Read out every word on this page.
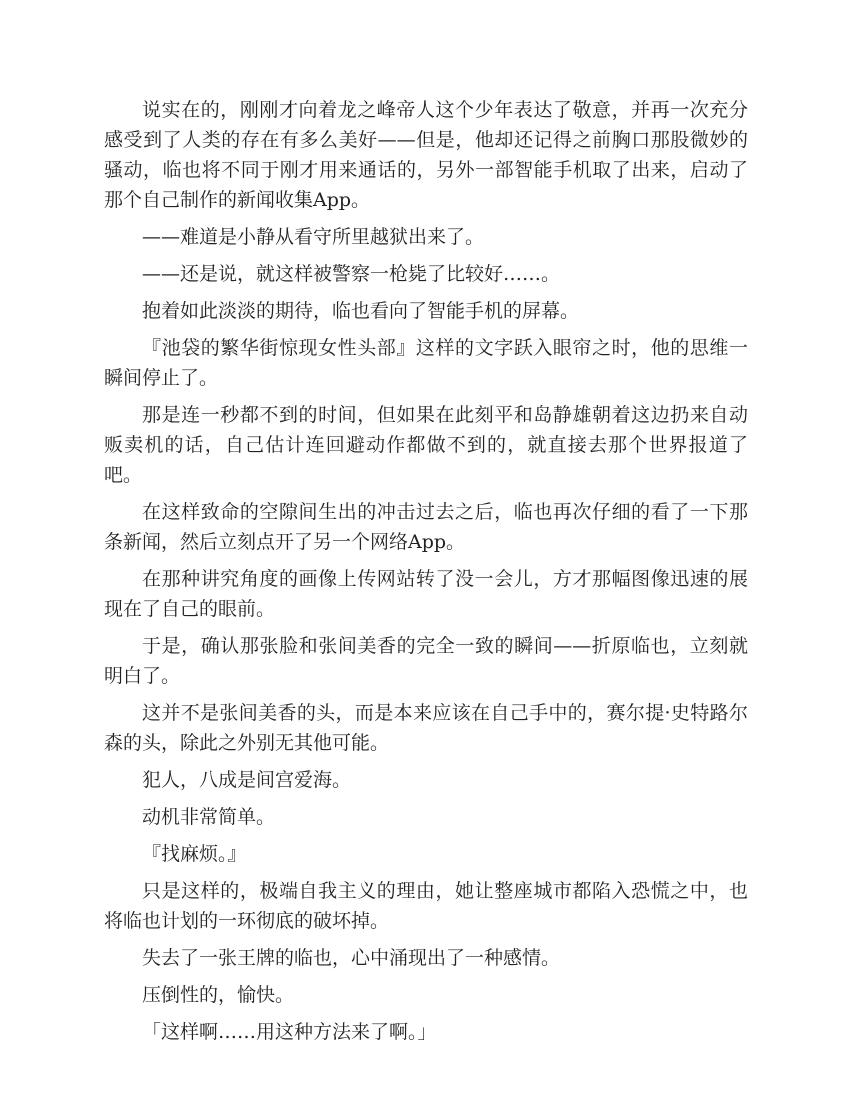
说实在的，刚刚才向着龙之峰帝人这个少年表达了敬意，并再一次充分感受到了人类的存在有多么美好——但是，他却还记得之前胸口那股微妙的骚动，临也将不同于刚才用来通话的，另外一部智能手机取了出来，启动了那个自己制作的新闻收集App。

——难道是小静从看守所里越狱出来了。

——还是说，就这样被警察一枪毙了比较好……。

抱着如此淡淡的期待，临也看向了智能手机的屏幕。

『池袋的繁华街惊现女性头部』这样的文字跃入眼帘之时，他的思维一瞬间停止了。

那是连一秒都不到的时间，但如果在此刻平和岛静雄朝着这边扔来自动贩卖机的话，自己估计连回避动作都做不到的，就直接去那个世界报道了吧。

在这样致命的空隙间生出的冲击过去之后，临也再次仔细的看了一下那条新闻，然后立刻点开了另一个网络App。

在那种讲究角度的画像上传网站转了没一会儿，方才那幅图像迅速的展现在了自己的眼前。

于是，确认那张脸和张间美香的完全一致的瞬间——折原临也，立刻就明白了。

这并不是张间美香的头，而是本来应该在自己手中的，赛尔提·史特路尔森的头，除此之外别无其他可能。

犯人，八成是间宫爱海。

动机非常简单。

『找麻烦。』

只是这样的，极端自我主义的理由，她让整座城市都陷入恐慌之中，也将临也计划的一环彻底的破坏掉。

失去了一张王牌的临也，心中涌现出了一种感情。

压倒性的，愉快。

「这样啊……用这种方法来了啊。」
